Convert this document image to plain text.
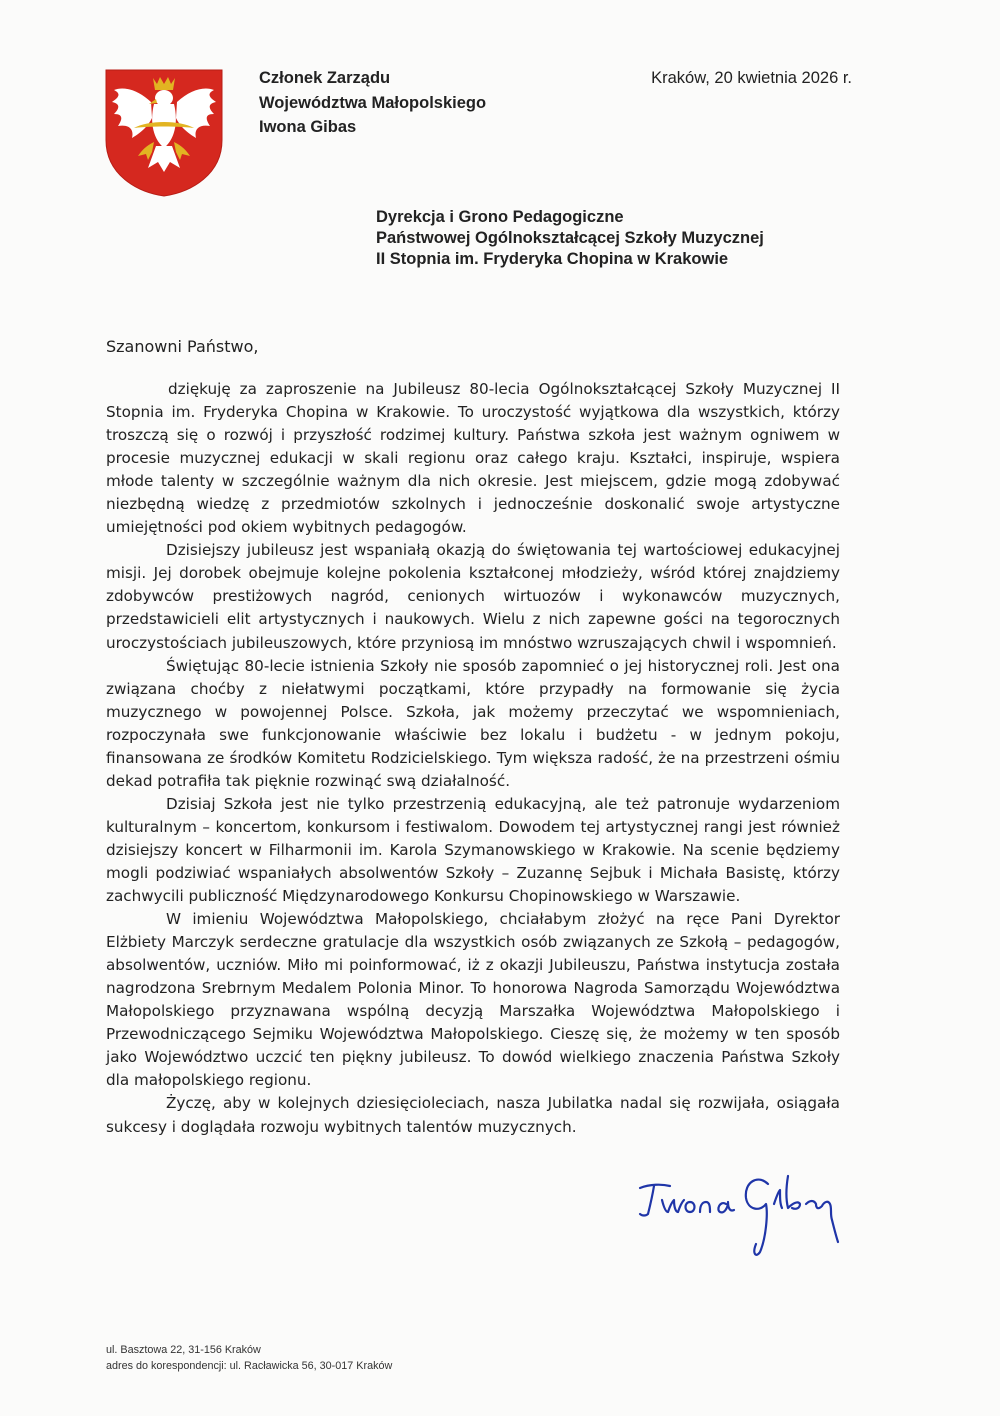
Członek Zarządu
Województwa Małopolskiego
Iwona Gibas
Kraków, 20 kwietnia 2026 r.
Dyrekcja i Grono Pedagogiczne
Państwowej Ogólnokształcącej Szkoły Muzycznej
II Stopnia im. Fryderyka Chopina w Krakowie
Szanowni Państwo,

dziękuję za zaproszenie na Jubileusz 80-lecia Ogólnokształcącej Szkoły Muzycznej II Stopnia im. Fryderyka Chopina w Krakowie. To uroczystość wyjątkowa dla wszystkich, którzy troszczą się o rozwój i przyszłość rodzimej kultury. Państwa szkoła jest ważnym ogniwem w procesie muzycznej edukacji w skali regionu oraz całego kraju. Kształci, inspiruje, wspiera młode talenty w szczególnie ważnym dla nich okresie. Jest miejscem, gdzie mogą zdobywać niezbędną wiedzę z przedmiotów szkolnych i jednocześnie doskonalić swoje artystyczne umiejętności pod okiem wybitnych pedagogów.

Dzisiejszy jubileusz jest wspaniałą okazją do świętowania tej wartościowej edukacyjnej misji. Jej dorobek obejmuje kolejne pokolenia kształconej młodzieży, wśród której znajdziemy zdobywców prestiżowych nagród, cenionych wirtuozów i wykonawców muzycznych, przedstawicieli elit artystycznych i naukowych. Wielu z nich zapewne gości na tegorocznych uroczystościach jubileuszowych, które przyniosą im mnóstwo wzruszających chwil i wspomnień.

Świętując 80-lecie istnienia Szkoły nie sposób zapomnieć o jej historycznej roli. Jest ona związana choćby z niełatwymi początkami, które przypadły na formowanie się życia muzycznego w powojennej Polsce. Szkoła, jak możemy przeczytać we wspomnieniach, rozpoczynała swe funkcjonowanie właściwie bez lokalu i budżetu - w jednym pokoju, finansowana ze środków Komitetu Rodzicielskiego. Tym większa radość, że na przestrzeni ośmiu dekad potrafiła tak pięknie rozwinąć swą działalność.

Dzisiaj Szkoła jest nie tylko przestrzenią edukacyjną, ale też patronuje wydarzeniom kulturalnym – koncertom, konkursom i festiwalom. Dowodem tej artystycznej rangi jest również dzisiejszy koncert w Filharmonii im. Karola Szymanowskiego w Krakowie. Na scenie będziemy mogli podziwiać wspaniałych absolwentów Szkoły – Zuzannę Sejbuk i Michała Basistę, którzy zachwycili publiczność Międzynarodowego Konkursu Chopinowskiego w Warszawie.

W imieniu Województwa Małopolskiego, chciałabym złożyć na ręce Pani Dyrektor Elżbiety Marczyk serdeczne gratulacje dla wszystkich osób związanych ze Szkołą – pedagogów, absolwentów, uczniów. Miło mi poinformować, iż z okazji Jubileuszu, Państwa instytucja została nagrodzona Srebrnym Medalem Polonia Minor. To honorowa Nagroda Samorządu Województwa Małopolskiego przyznawana wspólną decyzją Marszałka Województwa Małopolskiego i Przewodniczącego Sejmiku Województwa Małopolskiego. Cieszę się, że możemy w ten sposób jako Województwo uczcić ten piękny jubileusz. To dowód wielkiego znaczenia Państwa Szkoły dla małopolskiego regionu.

Życzę, aby w kolejnych dziesięcioleciach, nasza Jubilatka nadal się rozwijała, osiągała sukcesy i doglądała rozwoju wybitnych talentów muzycznych.

ul. Basztowa 22, 31-156 Kraków
adres do korespondencji: ul. Racławicka 56, 30-017 Kraków
